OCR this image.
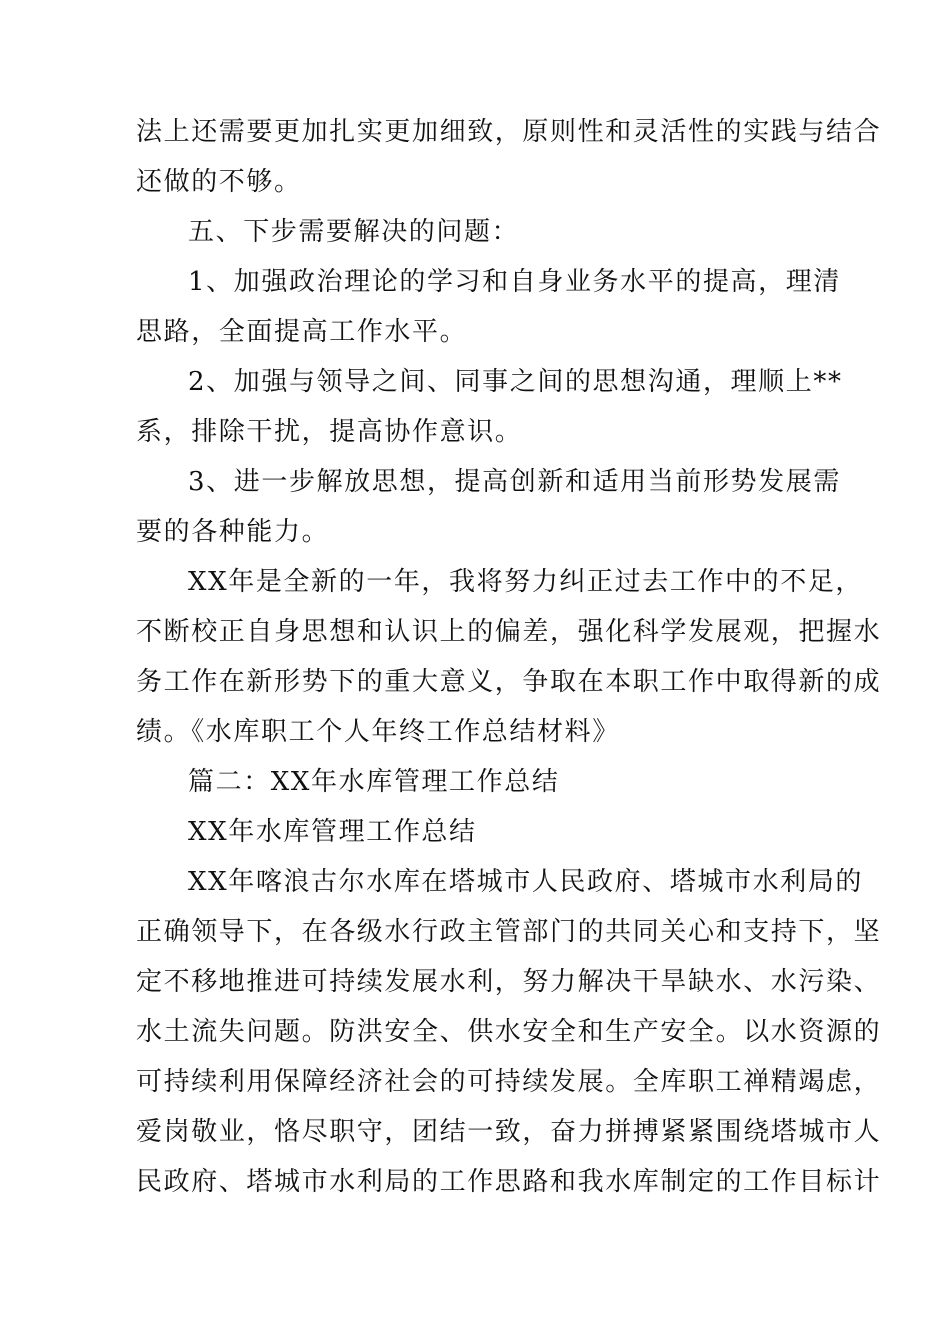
法上还需要更加扎实更加细致，原则性和灵活性的实践与结合
还做的不够。
五、下步需要解决的问题：
1、加强政治理论的学习和自身业务水平的提高，理清
思路，全面提高工作水平。
2、加强与领导之间、同事之间的思想沟通，理顺上**
系，排除干扰，提高协作意识。
3、进一步解放思想，提高创新和适用当前形势发展需
要的各种能力。
XX年是全新的一年，我将努力纠正过去工作中的不足，
不断校正自身思想和认识上的偏差，强化科学发展观，把握水
务工作在新形势下的重大意义，争取在本职工作中取得新的成
绩。《水库职工个人年终工作总结材料》
篇二：XX年水库管理工作总结
XX年水库管理工作总结
XX年喀浪古尔水库在塔城市人民政府、塔城市水利局的
正确领导下，在各级水行政主管部门的共同关心和支持下，坚
定不移地推进可持续发展水利，努力解决干旱缺水、水污染、
水土流失问题。防洪安全、供水安全和生产安全。以水资源的
可持续利用保障经济社会的可持续发展。全库职工禅精竭虑，
爱岗敬业，恪尽职守，团结一致，奋力拼搏紧紧围绕塔城市人
民政府、塔城市水利局的工作思路和我水库制定的工作目标计
